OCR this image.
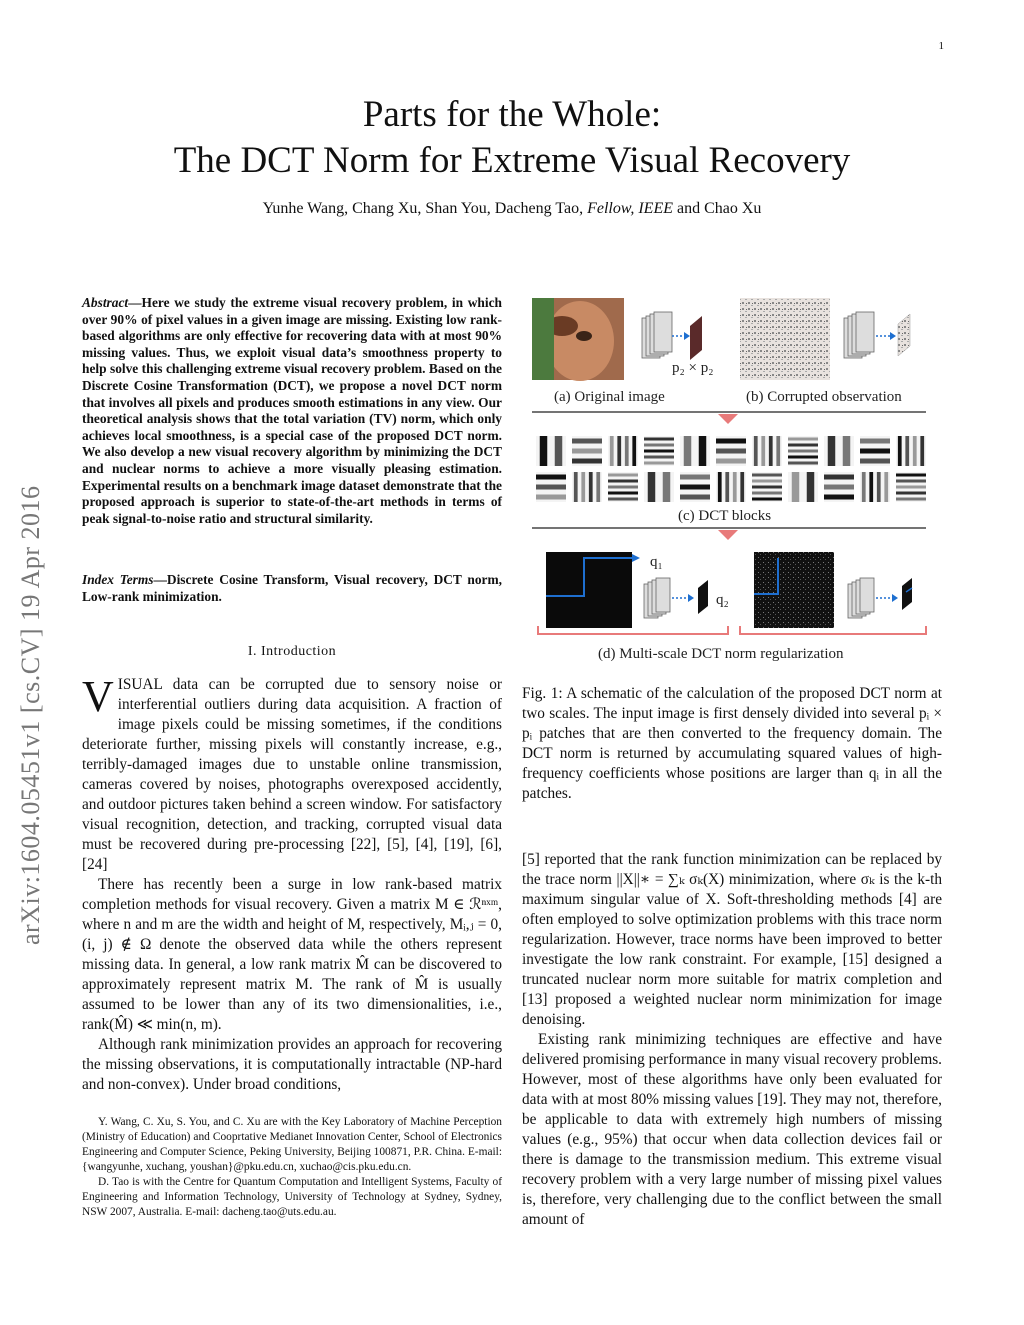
1
arXiv:1604.05451v1 [cs.CV] 19 Apr 2016
Parts for the Whole:
The DCT Norm for Extreme Visual Recovery
Yunhe Wang, Chang Xu, Shan You, Dacheng Tao, Fellow, IEEE and Chao Xu
Abstract—Here we study the extreme visual recovery problem, in which over 90% of pixel values in a given image are missing. Existing low rank-based algorithms are only effective for recovering data with at most 90% missing values. Thus, we exploit visual data’s smoothness property to help solve this challenging extreme visual recovery problem. Based on the Discrete Cosine Transformation (DCT), we propose a novel DCT norm that involves all pixels and produces smooth estimations in any view. Our theoretical analysis shows that the total variation (TV) norm, which only achieves local smoothness, is a special case of the proposed DCT norm. We also develop a new visual recovery algorithm by minimizing the DCT and nuclear norms to achieve a more visually pleasing estimation. Experimental results on a benchmark image dataset demonstrate that the proposed approach is superior to state-of-the-art methods in terms of peak signal-to-noise ratio and structural similarity.
Index Terms—Discrete Cosine Transform, Visual recovery, DCT norm, Low-rank minimization.
I. Introduction

VISUAL data can be corrupted due to sensory noise or interferential outliers during data acquisition. A fraction of image pixels could be missing sometimes, if the conditions deteriorate further, missing pixels will constantly increase, e.g., terribly-damaged images due to unstable online transmission, cameras covered by noises, photographs overexposed accidently, and outdoor pictures taken behind a screen window. For satisfactory visual recognition, detection, and tracking, corrupted visual data must be recovered during pre-processing [22], [5], [4], [19], [6], [24]

There has recently been a surge in low rank-based matrix completion methods for visual recovery. Given a matrix M ∈ ℛⁿˣᵐ, where n and m are the width and height of M, respectively, Mᵢ,ⱼ = 0, (i, j) ∉ Ω denote the observed data while the others represent missing data. In general, a low rank matrix M̂ can be discovered to approximately represent matrix M. The rank of M̂ is usually assumed to be lower than any of its two dimensionalities, i.e., rank(M̂) ≪ min(n, m).

Although rank minimization provides an approach for recovering the missing observations, it is computationally intractable (NP-hard and non-convex). Under broad conditions,

Y. Wang, C. Xu, S. You, and C. Xu are with the Key Laboratory of Machine Perception (Ministry of Education) and Cooprtative Medianet Innovation Center, School of Electronics Engineering and Computer Science, Peking University, Beijing 100871, P.R. China. E-mail: {wangyunhe, xuchang, youshan}@pku.edu.cn, xuchao@cis.pku.edu.cn.

D. Tao is with the Centre for Quantum Computation and Intelligent Systems, Faculty of Engineering and Information Technology, University of Technology at Sydney, Sydney, NSW 2007, Australia. E-mail: dacheng.tao@uts.edu.au.

p₂ × p₂
(a) Original image	(b) Corrupted observation
(c) DCT blocks
q₁
q₂
(d) Multi-scale DCT norm regularization
Fig. 1: A schematic of the calculation of the proposed DCT norm at two scales. The input image is first densely divided into several pᵢ × pᵢ patches that are then converted to the frequency domain. The DCT norm is returned by accumulating squared values of high-frequency coefficients whose positions are larger than qᵢ in all the patches.

[5] reported that the rank function minimization can be replaced by the trace norm ||X||∗ = ∑ₖ σₖ(X) minimization, where σₖ is the k-th maximum singular value of X. Soft-thresholding methods [4] are often employed to solve optimization problems with this trace norm regularization. However, trace norms have been improved to better investigate the low rank constraint. For example, [15] designed a truncated nuclear norm more suitable for matrix completion and [13] proposed a weighted nuclear norm minimization for image denoising.

Existing rank minimizing techniques are effective and have delivered promising performance in many visual recovery problems. However, most of these algorithms have only been evaluated for data with at most 80% missing values [19]. They may not, therefore, be applicable to data with extremely high numbers of missing values (e.g., 95%) that occur when data collection devices fail or there is damage to the transmission medium. This extreme visual recovery problem with a very large number of missing pixel values is, therefore, very challenging due to the conflict between the small amount of
